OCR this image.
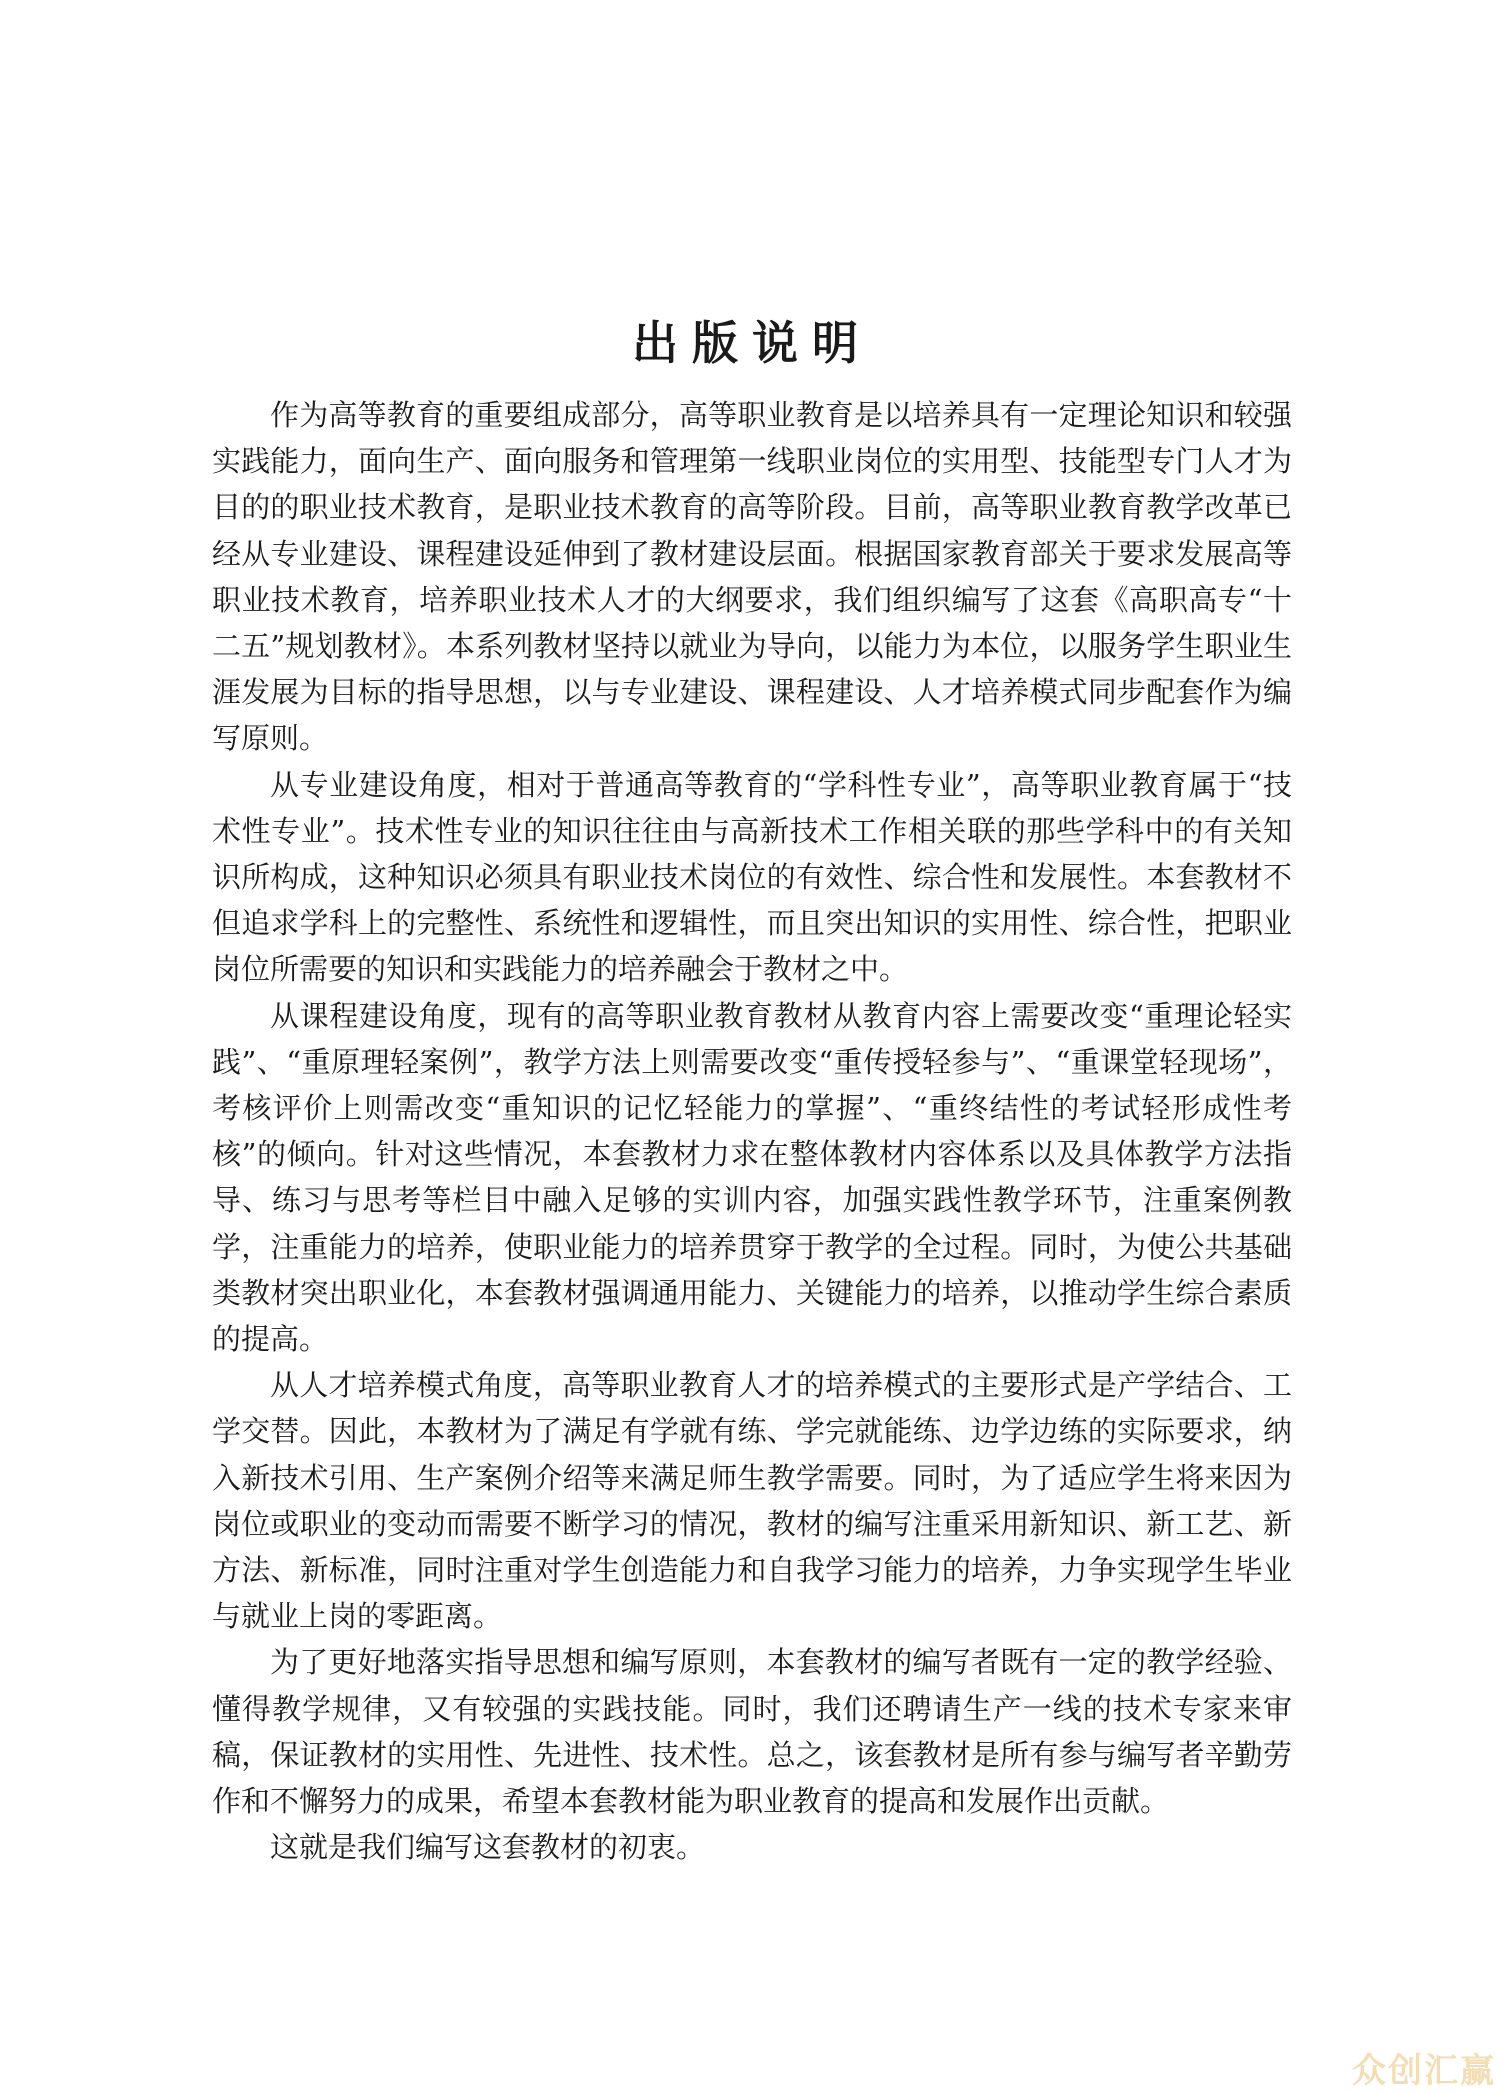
出版说明

作为高等教育的重要组成部分，高等职业教育是以培养具有一定理论知识和较强实践能力，面向生产、面向服务和管理第一线职业岗位的实用型、技能型专门人才为目的的职业技术教育，是职业技术教育的高等阶段。目前，高等职业教育教学改革已经从专业建设、课程建设延伸到了教材建设层面。根据国家教育部关于要求发展高等职业技术教育，培养职业技术人才的大纲要求，我们组织编写了这套《高职高专“十二五”规划教材》。本系列教材坚持以就业为导向，以能力为本位，以服务学生职业生涯发展为目标的指导思想，以与专业建设、课程建设、人才培养模式同步配套作为编写原则。

从专业建设角度，相对于普通高等教育的“学科性专业”，高等职业教育属于“技术性专业”。技术性专业的知识往往由与高新技术工作相关联的那些学科中的有关知识所构成，这种知识必须具有职业技术岗位的有效性、综合性和发展性。本套教材不但追求学科上的完整性、系统性和逻辑性，而且突出知识的实用性、综合性，把职业岗位所需要的知识和实践能力的培养融会于教材之中。

从课程建设角度，现有的高等职业教育教材从教育内容上需要改变“重理论轻实践”、“重原理轻案例”，教学方法上则需要改变“重传授轻参与”、“重课堂轻现场”，考核评价上则需改变“重知识的记忆轻能力的掌握”、“重终结性的考试轻形成性考核”的倾向。针对这些情况，本套教材力求在整体教材内容体系以及具体教学方法指导、练习与思考等栏目中融入足够的实训内容，加强实践性教学环节，注重案例教学，注重能力的培养，使职业能力的培养贯穿于教学的全过程。同时，为使公共基础类教材突出职业化，本套教材强调通用能力、关键能力的培养，以推动学生综合素质的提高。

从人才培养模式角度，高等职业教育人才的培养模式的主要形式是产学结合、工学交替。因此，本教材为了满足有学就有练、学完就能练、边学边练的实际要求，纳入新技术引用、生产案例介绍等来满足师生教学需要。同时，为了适应学生将来因为岗位或职业的变动而需要不断学习的情况，教材的编写注重采用新知识、新工艺、新方法、新标准，同时注重对学生创造能力和自我学习能力的培养，力争实现学生毕业与就业上岗的零距离。

为了更好地落实指导思想和编写原则，本套教材的编写者既有一定的教学经验、懂得教学规律，又有较强的实践技能。同时，我们还聘请生产一线的技术专家来审稿，保证教材的实用性、先进性、技术性。总之，该套教材是所有参与编写者辛勤劳作和不懈努力的成果，希望本套教材能为职业教育的提高和发展作出贡献。

这就是我们编写这套教材的初衷。

众创汇赢
